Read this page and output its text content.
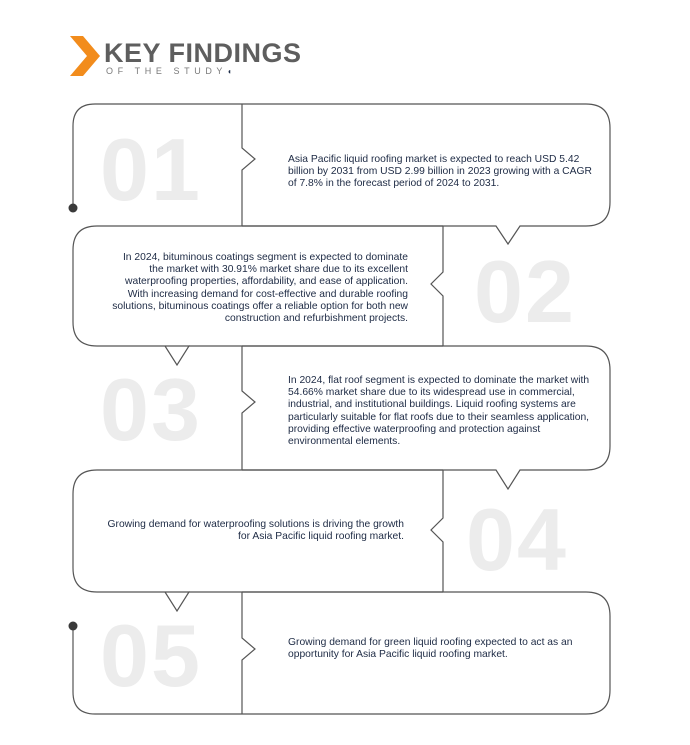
KEY FINDINGS
OF THE STUDY◖
01	Asia Pacific liquid roofing market is expected to reach USD 5.42 billion by 2031 from USD 2.99 billion in 2023 growing with a CAGR of 7.8% in the forecast period of 2024 to 2031.
02
In 2024, bituminous coatings segment is expected to dominate the market with 30.91% market share due to its excellent waterproofing properties, affordability, and ease of application. With increasing demand for cost-effective and durable roofing solutions, bituminous coatings offer a reliable option for both new construction and refurbishment projects.
03	In 2024, flat roof segment is expected to dominate the market with 54.66% market share due to its widespread use in commercial, industrial, and institutional buildings. Liquid roofing systems are particularly suitable for flat roofs due to their seamless application, providing effective waterproofing and protection against environmental elements.
04
Growing demand for waterproofing solutions is driving the growth for Asia Pacific liquid roofing market.
05	Growing demand for green liquid roofing expected to act as an opportunity for Asia Pacific liquid roofing market.
